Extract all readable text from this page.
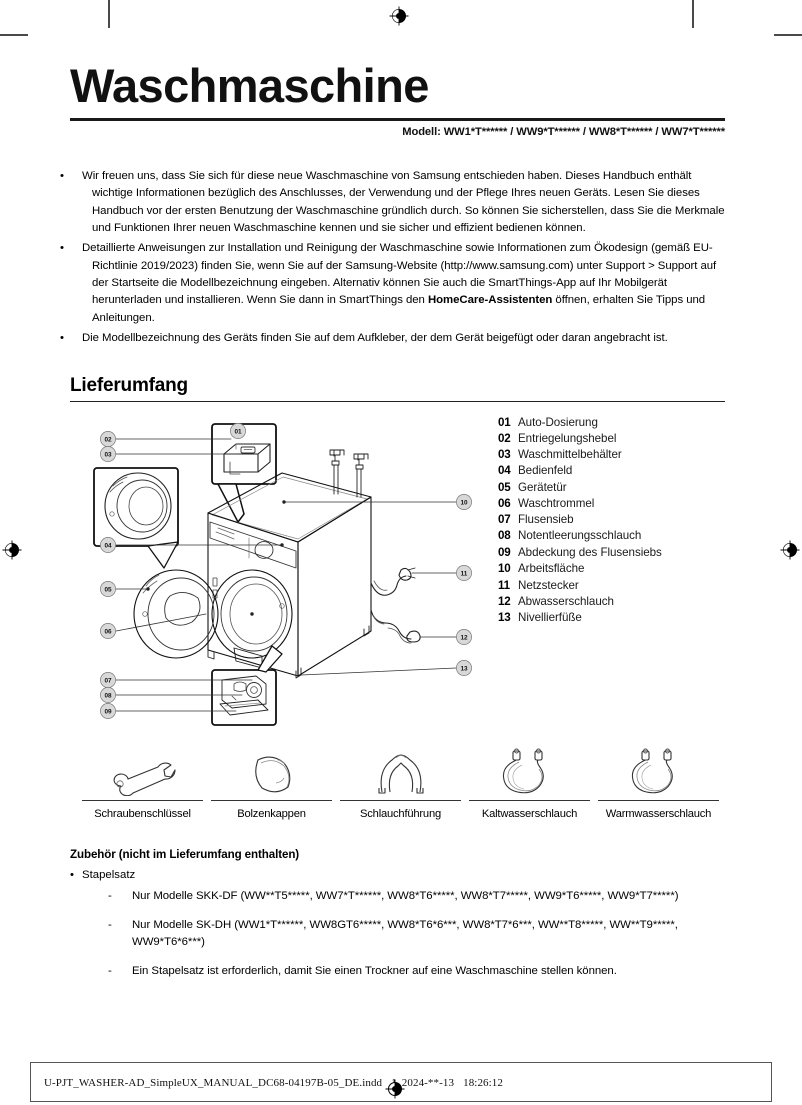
Waschmaschine
Modell: WW1*T****** / WW9*T****** / WW8*T****** / WW7*T******
•	Wir freuen uns, dass Sie sich für diese neue Waschmaschine von Samsung entschieden haben. Dieses Handbuch enthält wichtige Informationen bezüglich des Anschlusses, der Verwendung und der Pflege Ihres neuen Geräts. Lesen Sie dieses Handbuch vor der ersten Benutzung der Waschmaschine gründlich durch. So können Sie sicherstellen, dass Sie die Merkmale und Funktionen Ihrer neuen Waschmaschine kennen und sie sicher und effizient bedienen können.
•	Detaillierte Anweisungen zur Installation und Reinigung der Waschmaschine sowie Informationen zum Ökodesign (gemäß EU-Richtlinie 2019/2023) finden Sie, wenn Sie auf der Samsung-Website (http://www.samsung.com) unter Support > Support auf der Startseite die Modellbezeichnung eingeben. Alternativ können Sie auch die SmartThings-App auf Ihr Mobilgerät herunterladen und installieren. Wenn Sie dann in SmartThings den HomeCare-Assistenten öffnen, erhalten Sie Tipps und Anleitungen.
•	Die Modellbezeichnung des Geräts finden Sie auf dem Aufkleber, der dem Gerät beigefügt oder daran angebracht ist.
Lieferumfang
01
02
03
04
05
06
07
08
09
10
11
12
13
01 Auto-Dosierung
02 Entriegelungshebel
03 Waschmittelbehälter
04 Bedienfeld
05 Gerätetür
06 Waschtrommel
07 Flusensieb
08 Notentleerungsschlauch
09 Abdeckung des Flusensiebs
10 Arbeitsfläche
11 Netzstecker
12 Abwasserschlauch
13 Nivellierfüße
Schraubenschlüssel	Bolzenkappen	Schlauchführung	Kaltwasserschlauch	Warmwasserschlauch
Zubehör (nicht im Lieferumfang enthalten)
• Stapelsatz
- Nur Modelle SKK-DF (WW**T5*****, WW7*T******, WW8*T6*****, WW8*T7*****, WW9*T6*****, WW9*T7*****)
- Nur Modelle SK-DH (WW1*T******, WW8GT6*****, WW8*T6*6***, WW8*T7*6***, WW**T8*****, WW**T9*****, WW9*T6*6***)
- Ein Stapelsatz ist erforderlich, damit Sie einen Trockner auf eine Waschmaschine stellen können.
U-PJT_WASHER-AD_SimpleUX_MANUAL_DC68-04197B-05_DE.indd 2024-**-13 18:26:12
